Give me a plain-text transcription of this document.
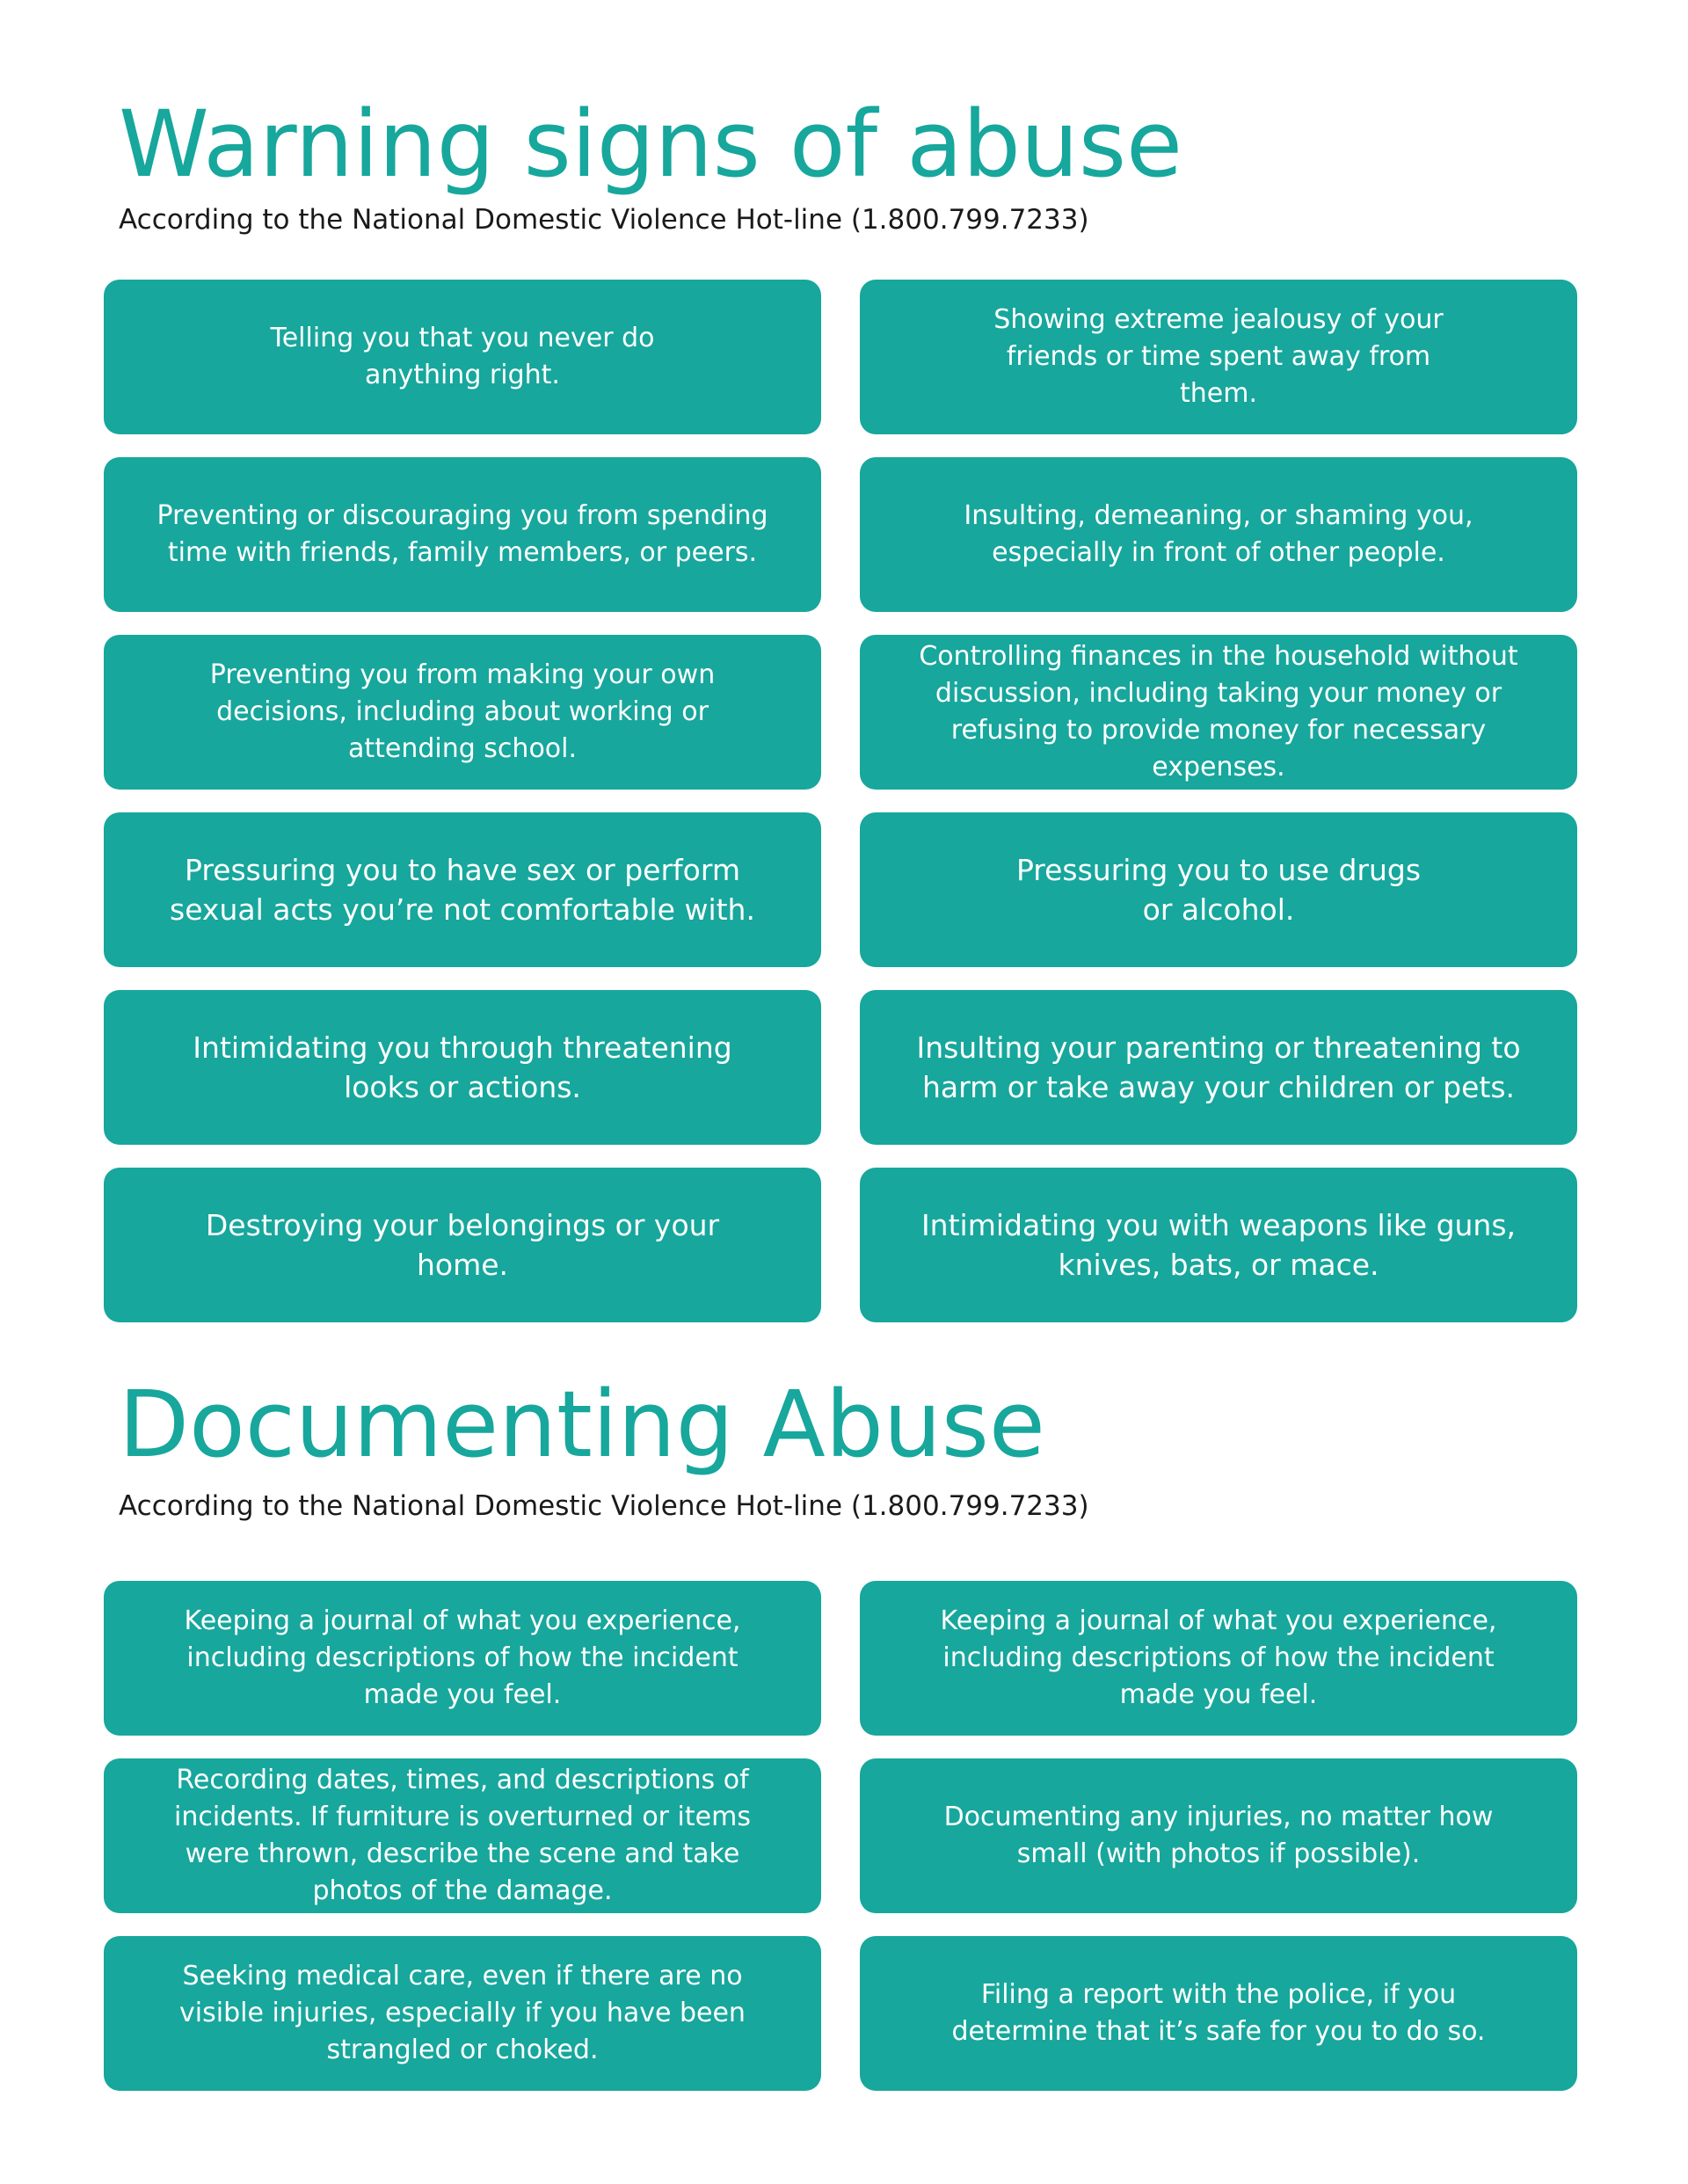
Warning signs of abuse

According to the National Domestic Violence Hot-line (1.800.799.7233)

Telling you that you never do anything right.
Showing extreme jealousy of your friends or time spent away from them.
Preventing or discouraging you from spending time with friends, family members, or peers.
Insulting, demeaning, or shaming you, especially in front of other people.
Preventing you from making your own decisions, including about working or attending school.
Controlling finances in the household without discussion, including taking your money or refusing to provide money for necessary expenses.
Pressuring you to have sex or perform sexual acts you’re not comfortable with.
Pressuring you to use drugs or alcohol.
Intimidating you through threatening looks or actions.
Insulting your parenting or threatening to harm or take away your children or pets.
Destroying your belongings or your home.
Intimidating you with weapons like guns, knives, bats, or mace.
Documenting Abuse

According to the National Domestic Violence Hot-line (1.800.799.7233)

Keeping a journal of what you experience, including descriptions of how the incident made you feel.
Keeping a journal of what you experience, including descriptions of how the incident made you feel.
Recording dates, times, and descriptions of incidents. If furniture is overturned or items were thrown, describe the scene and take photos of the damage.
Documenting any injuries, no matter how small (with photos if possible).
Seeking medical care, even if there are no visible injuries, especially if you have been strangled or choked.
Filing a report with the police, if you determine that it’s safe for you to do so.
